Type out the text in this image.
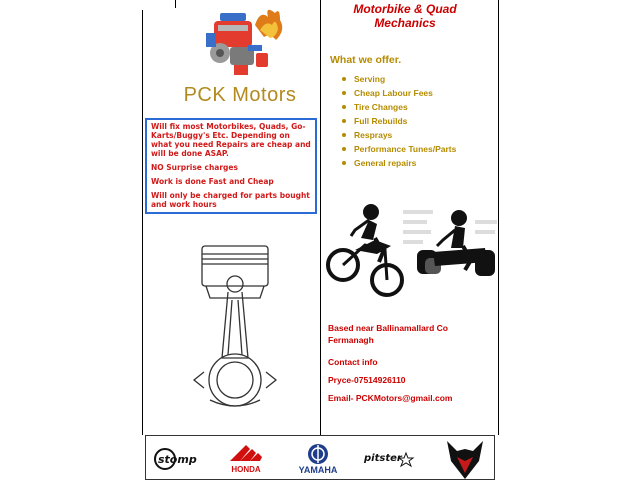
PCK Motors

Will fix most Motorbikes, Quads, Go-Karts/Buggy's Etc. Depending on what you need Repairs are cheap and will be done ASAP.

NO Surprise charges

Work is done Fast and Cheap

Will only be charged for parts bought and work hours

Motorbike & Quad
Mechanics
What we offer.
Serving
Cheap Labour Fees
Tire Changes
Full Rebuilds
Resprays
Performance Tunes/Parts
General repairs
Based near Ballinamallard Co
Fermanagh
Contact info
Pryce-07514926110
Email- PCKMotors@gmail.com
stomp
HONDA	YAMAHA
pitster
